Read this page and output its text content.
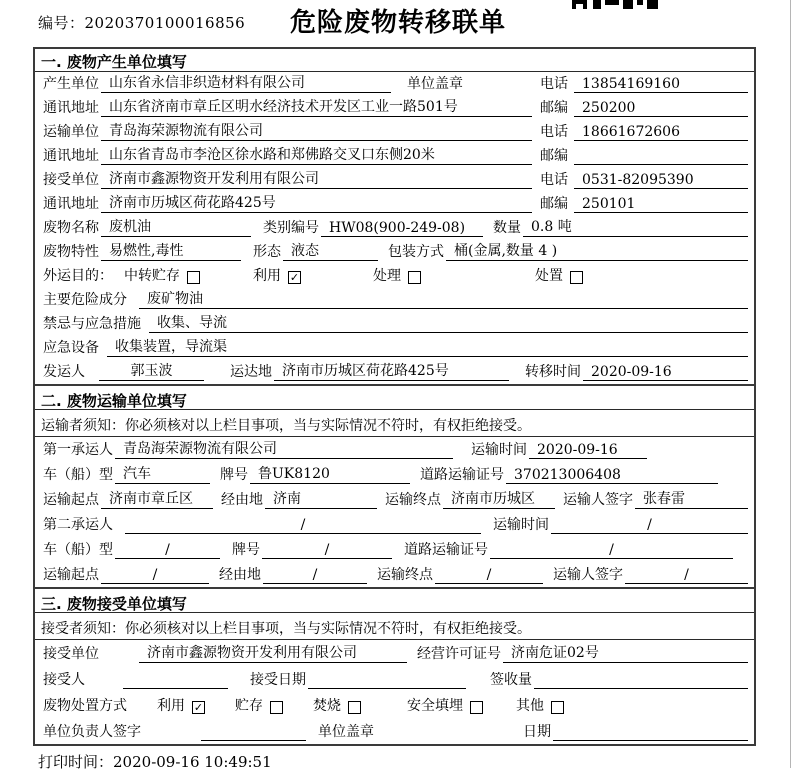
编号：2020370100016856	危险废物转移联单
一. 废物产生单位填写
产生单位 山东省永信非织造材料有限公司	单位盖章	电话	13854169160
通讯地址 山东省济南市章丘区明水经济技术开发区工业一路501号	邮编	250200
运输单位 青岛海荣源物流有限公司	电话	18661672606
通讯地址 山东省青岛市李沧区徐水路和郑佛路交叉口东侧20米	邮编
接受单位 济南市鑫源物资开发利用有限公司	电话	0531-82095390
通讯地址 济南市历城区荷花路425号	邮编	250101
废物名称 废机油	类别编号 HW08(900-249-08)	数量 0.8 吨
废物特性 易燃性,毒性	形态 液态	包装方式 桶(金属,数量 4 )
外运目的： 中转贮存	利用 ✓	处理	处置
主要危险成分	废矿物油
禁忌与应急措施	收集、导流
应急设备	收集装置，导流渠
发运人	郭玉波	运达地 济南市历城区荷花路425号	转移时间 2020-09-16
二. 废物运输单位填写
运输者须知：你必须核对以上栏目事项，当与实际情况不符时，有权拒绝接受。
第一承运人 青岛海荣源物流有限公司	运输时间 2020-09-16
车（船）型 汽车	牌号 鲁UK8120	道路运输证号 370213006408
运输起点 济南市章丘区	经由地 济南	运输终点 济南市历城区	运输人签字 张春雷
第二承运人	/	运输时间	/
车（船）型	/	牌号	/	道路运输证号	/
运输起点	/	经由地	/	运输终点	/	运输人签字	/
三. 废物接受单位填写
接受者须知：你必须核对以上栏目事项，当与实际情况不符时，有权拒绝接受。
接受单位	济南市鑫源物资开发利用有限公司	经营许可证号 济南危证02号
接受人	接受日期	签收量
废物处置方式 利用 ✓ 贮存	焚烧	安全填埋	其他
单位负责人签字	单位盖章	日期
打印时间：2020-09-16 10:49:51
